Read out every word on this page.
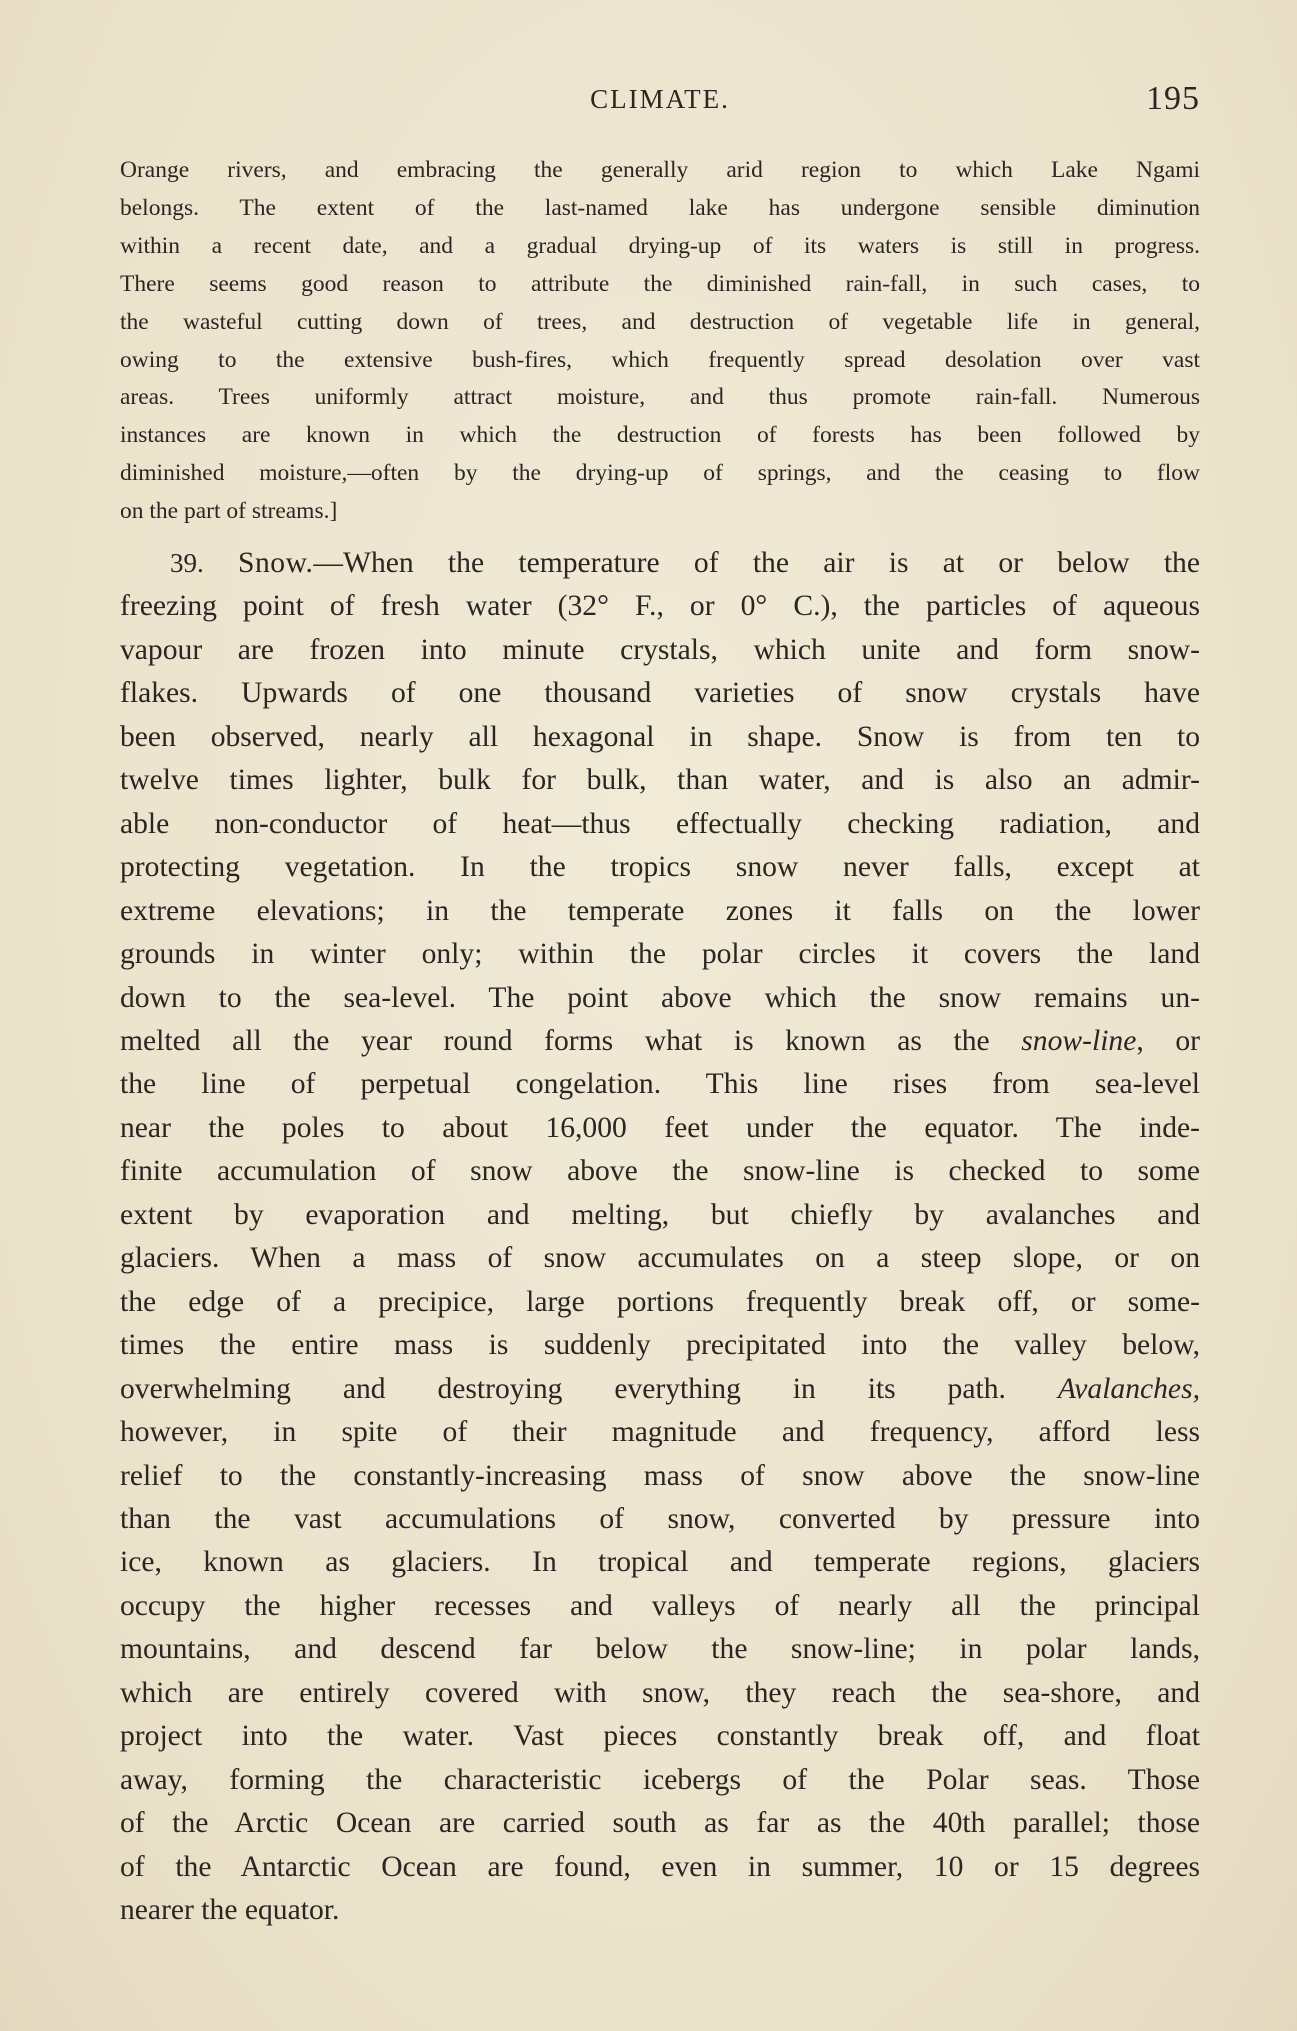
CLIMATE.	195

Orange rivers, and embracing the generally arid region to which Lake Ngami
belongs. The extent of the last-named lake has undergone sensible diminution
within a recent date, and a gradual drying-up of its waters is still in progress.
There seems good reason to attribute the diminished rain-fall, in such cases, to
the wasteful cutting down of trees, and destruction of vegetable life in general,
owing to the extensive bush-fires, which frequently spread desolation over vast
areas. Trees uniformly attract moisture, and thus promote rain-fall. Numerous
instances are known in which the destruction of forests has been followed by
diminished moisture,—often by the drying-up of springs, and the ceasing to flow
on the part of streams.]

39. Snow.—When the temperature of the air is at or below the
freezing point of fresh water (32° F., or 0° C.), the particles of aqueous
vapour are frozen into minute crystals, which unite and form snow-
flakes. Upwards of one thousand varieties of snow crystals have
been observed, nearly all hexagonal in shape. Snow is from ten to
twelve times lighter, bulk for bulk, than water, and is also an admir-
able non-conductor of heat—thus effectually checking radiation, and
protecting vegetation. In the tropics snow never falls, except at
extreme elevations; in the temperate zones it falls on the lower
grounds in winter only; within the polar circles it covers the land
down to the sea-level. The point above which the snow remains un-
melted all the year round forms what is known as the snow-line, or
the line of perpetual congelation. This line rises from sea-level
near the poles to about 16,000 feet under the equator. The inde-
finite accumulation of snow above the snow-line is checked to some
extent by evaporation and melting, but chiefly by avalanches and
glaciers. When a mass of snow accumulates on a steep slope, or on
the edge of a precipice, large portions frequently break off, or some-
times the entire mass is suddenly precipitated into the valley below,
overwhelming and destroying everything in its path. Avalanches,
however, in spite of their magnitude and frequency, afford less
relief to the constantly-increasing mass of snow above the snow-line
than the vast accumulations of snow, converted by pressure into
ice, known as glaciers. In tropical and temperate regions, glaciers
occupy the higher recesses and valleys of nearly all the principal
mountains, and descend far below the snow-line; in polar lands,
which are entirely covered with snow, they reach the sea-shore, and
project into the water. Vast pieces constantly break off, and float
away, forming the characteristic icebergs of the Polar seas. Those
of the Arctic Ocean are carried south as far as the 40th parallel; those
of the Antarctic Ocean are found, even in summer, 10 or 15 degrees
nearer the equator.
